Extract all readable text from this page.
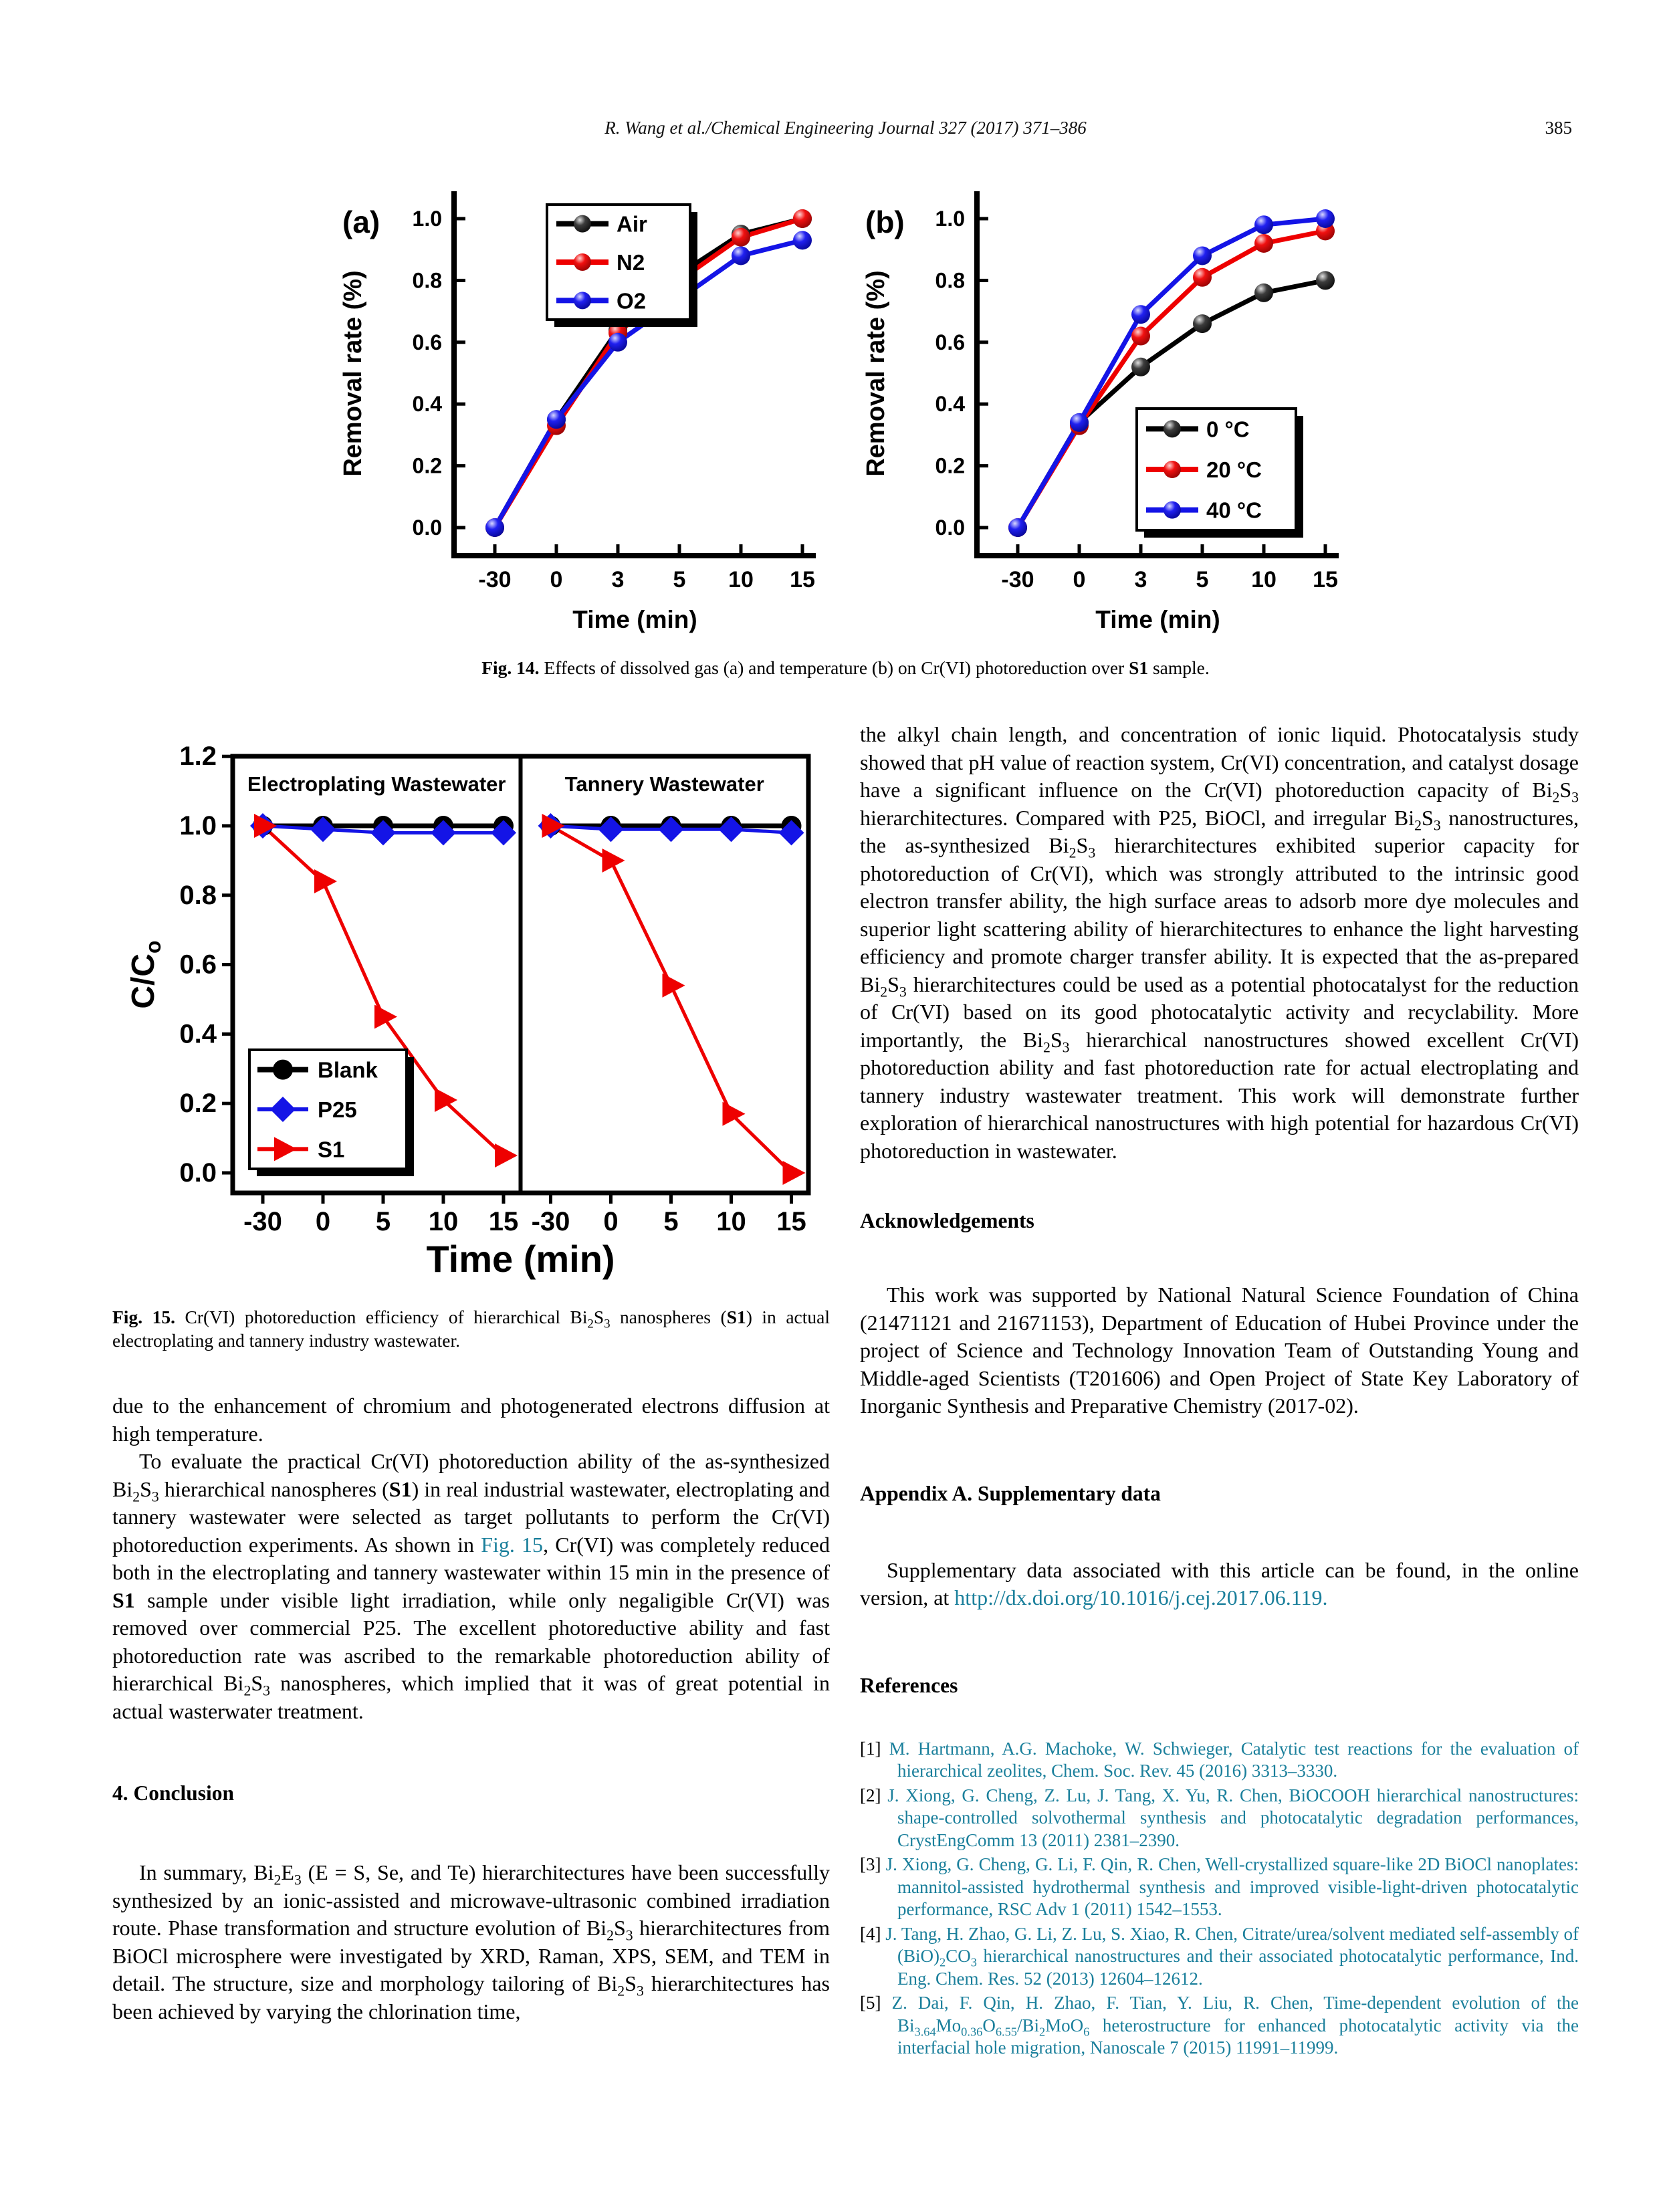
R. Wang et al./Chemical Engineering Journal 327 (2017) 371–386	385
0.0
0.2
0.4
0.6
0.8
1.0
-30 0 3 5 10 15
Time (min)
Removal rate (%)
(a)	Air
N2
O2
0.0
0.2
0.4
0.6
0.8
1.0
-30 0 3 5 10 15
Time (min)
Removal rate (%)
(b)
0 °C
20 °C
40 °C
Fig. 14. Effects of dissolved gas (a) and temperature (b) on Cr(VI) photoreduction over S1 sample.
0.0
0.2
0.4
0.6
0.8
1.0
1.2
C/Co
Time (min)
Electroplating Wastewater
-30 0 5 10 15
Tannery Wastewater
-30 0 5 10 15
Blank
P25
S1
Fig. 15. Cr(VI) photoreduction efficiency of hierarchical $Bi_2S_3$ nanospheres (S1) in actual electroplating and tannery industry wastewater.

due to the enhancement of chromium and photogenerated electrons diffusion at high temperature.

To evaluate the practical Cr(VI) photoreduction ability of the as-synthesized $Bi_2S_3$ hierarchical nanospheres (S1) in real industrial wastewater, electroplating and tannery wastewater were selected as target pollutants to perform the Cr(VI) photoreduction experiments. As shown in Fig. 15, Cr(VI) was completely reduced both in the electroplating and tannery wastewater within 15 min in the presence of S1 sample under visible light irradiation, while only negaligible Cr(VI) was removed over commercial P25. The excellent photoreductive ability and fast photoreduction rate was ascribed to the remarkable photoreduction ability of hierarchical $Bi_2S_3$ nanospheres, which implied that it was of great potential in actual wasterwater treatment.

4. Conclusion

In summary, $Bi_2E_3$ (E = S, Se, and Te) hierarchitectures have been successfully synthesized by an ionic-assisted and microwave-ultrasonic combined irradiation route. Phase transformation and structure evolution of $Bi_2S_3$ hierarchitectures from BiOCl microsphere were investigated by XRD, Raman, XPS, SEM, and TEM in detail. The structure, size and morphology tailoring of $Bi_2S_3$ hierarchitectures has been achieved by varying the chlorination time,

the alkyl chain length, and concentration of ionic liquid. Photocatalysis study showed that pH value of reaction system, Cr(VI) concentration, and catalyst dosage have a significant influence on the Cr(VI) photoreduction capacity of $Bi_2S_3$ hierarchitectures. Compared with P25, BiOCl, and irregular $Bi_2S_3$ nanostructures, the as-synthesized $Bi_2S_3$ hierarchitectures exhibited superior capacity for photoreduction of Cr(VI), which was strongly attributed to the intrinsic good electron transfer ability, the high surface areas to adsorb more dye molecules and superior light scattering ability of hierarchitectures to enhance the light harvesting efficiency and promote charger transfer ability. It is expected that the as-prepared $Bi_2S_3$ hierarchitectures could be used as a potential photocatalyst for the reduction of Cr(VI) based on its good photocatalytic activity and recyclability. More importantly, the $Bi_2S_3$ hierarchical nanostructures showed excellent Cr(VI) photoreduction ability and fast photoreduction rate for actual electroplating and tannery industry wastewater treatment. This work will demonstrate further exploration of hierarchical nanostructures with high potential for hazardous Cr(VI) photoreduction in wastewater.

Acknowledgements

This work was supported by National Natural Science Foundation of China (21471121 and 21671153), Department of Education of Hubei Province under the project of Science and Technology Innovation Team of Outstanding Young and Middle-aged Scientists (T201606) and Open Project of State Key Laboratory of Inorganic Synthesis and Preparative Chemistry (2017-02).

Appendix A. Supplementary data

Supplementary data associated with this article can be found, in the online version, at http://dx.doi.org/10.1016/j.cej.2017.06.119.

References
[1] M. Hartmann, A.G. Machoke, W. Schwieger, Catalytic test reactions for the evaluation of hierarchical zeolites, Chem. Soc. Rev. 45 (2016) 3313–3330.
[2] J. Xiong, G. Cheng, Z. Lu, J. Tang, X. Yu, R. Chen, BiOCOOH hierarchical nanostructures: shape-controlled solvothermal synthesis and photocatalytic degradation performances, CrystEngComm 13 (2011) 2381–2390.
[3] J. Xiong, G. Cheng, G. Li, F. Qin, R. Chen, Well-crystallized square-like 2D BiOCl nanoplates: mannitol-assisted hydrothermal synthesis and improved visible-light-driven photocatalytic performance, RSC Adv 1 (2011) 1542–1553.
[4] J. Tang, H. Zhao, G. Li, Z. Lu, S. Xiao, R. Chen, Citrate/urea/solvent mediated self-assembly of $(BiO)_2CO_3$ hierarchical nanostructures and their associated photocatalytic performance, Ind. Eng. Chem. Res. 52 (2013) 12604–12612.
[5] Z. Dai, F. Qin, H. Zhao, F. Tian, Y. Liu, R. Chen, Time-dependent evolution of the $Bi_{3.64}Mo_{0.36}O_{6.55}/Bi_2MoO_6$ heterostructure for enhanced photocatalytic activity via the interfacial hole migration, Nanoscale 7 (2015) 11991–11999.
